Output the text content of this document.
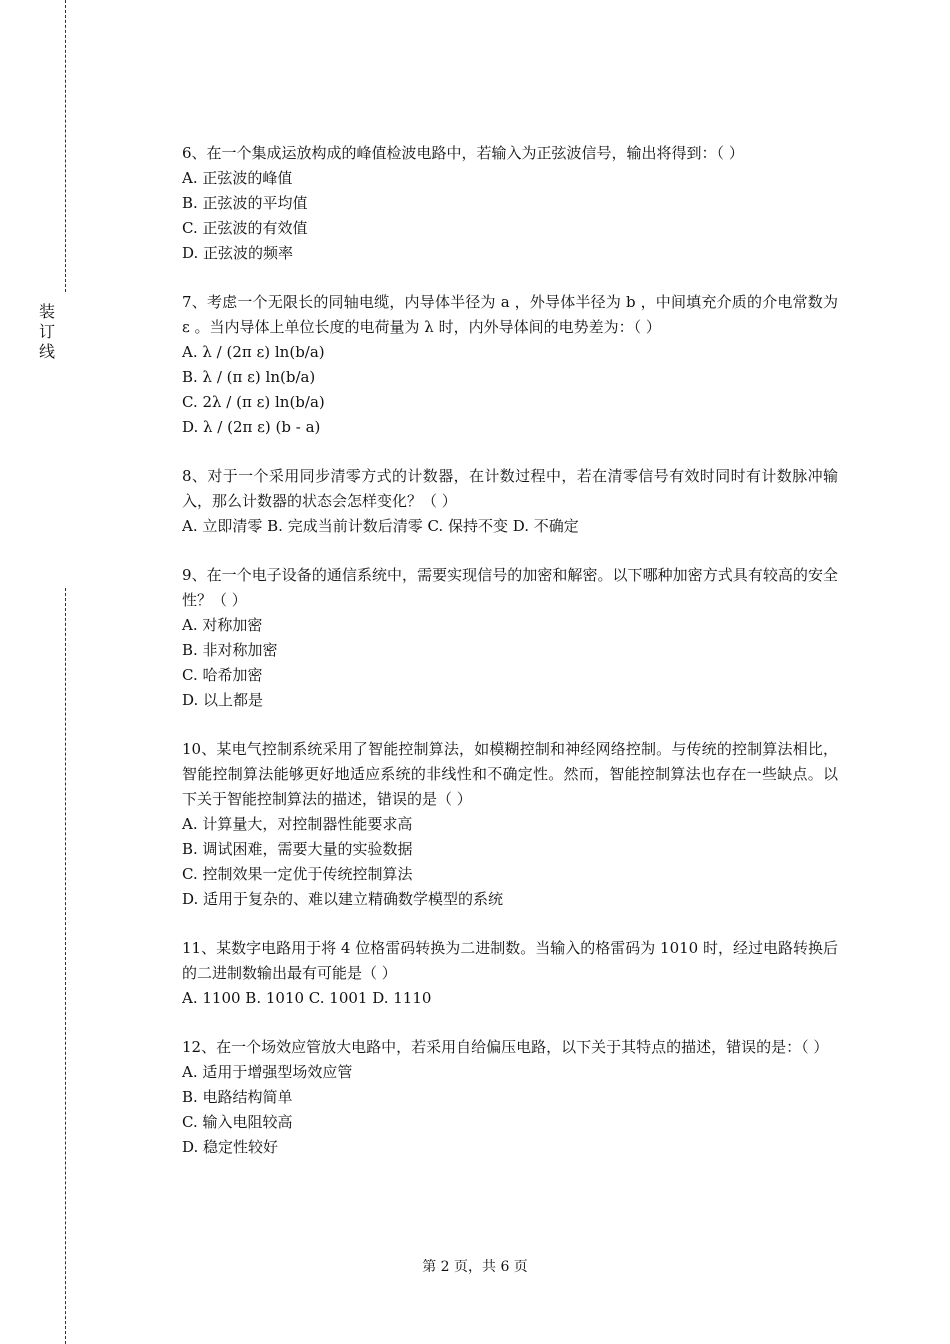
装
订
线
6、在一个集成运放构成的峰值检波电路中，若输入为正弦波信号，输出将得到：（ ）
A. 正弦波的峰值
B. 正弦波的平均值
C. 正弦波的有效值
D. 正弦波的频率
7、考虑一个无限长的同轴电缆，内导体半径为 a ，外导体半径为 b ，中间填充介质的介电常数为 ε 。当内导体上单位长度的电荷量为 λ 时，内外导体间的电势差为：（ ）
A. λ / (2π ε) ln(b/a)
B. λ / (π ε) ln(b/a)
C. 2λ / (π ε) ln(b/a)
D. λ / (2π ε) (b - a)
8、对于一个采用同步清零方式的计数器，在计数过程中，若在清零信号有效时同时有计数脉冲输入，那么计数器的状态会怎样变化？（ ）
A. 立即清零 B. 完成当前计数后清零 C. 保持不变 D. 不确定
9、在一个电子设备的通信系统中，需要实现信号的加密和解密。以下哪种加密方式具有较高的安全性？（ ）
A. 对称加密
B. 非对称加密
C. 哈希加密
D. 以上都是
10、某电气控制系统采用了智能控制算法，如模糊控制和神经网络控制。与传统的控制算法相比，智能控制算法能够更好地适应系统的非线性和不确定性。然而，智能控制算法也存在一些缺点。以下关于智能控制算法的描述，错误的是（ ）
A. 计算量大，对控制器性能要求高
B. 调试困难，需要大量的实验数据
C. 控制效果一定优于传统控制算法
D. 适用于复杂的、难以建立精确数学模型的系统
11、某数字电路用于将 4 位格雷码转换为二进制数。当输入的格雷码为 1010 时，经过电路转换后的二进制数输出最有可能是（ ）
A. 1100 B. 1010 C. 1001 D. 1110
12、在一个场效应管放大电路中，若采用自给偏压电路，以下关于其特点的描述，错误的是：（ ）
A. 适用于增强型场效应管
B. 电路结构简单
C. 输入电阻较高
D. 稳定性较好
第 2 页，共 6 页
